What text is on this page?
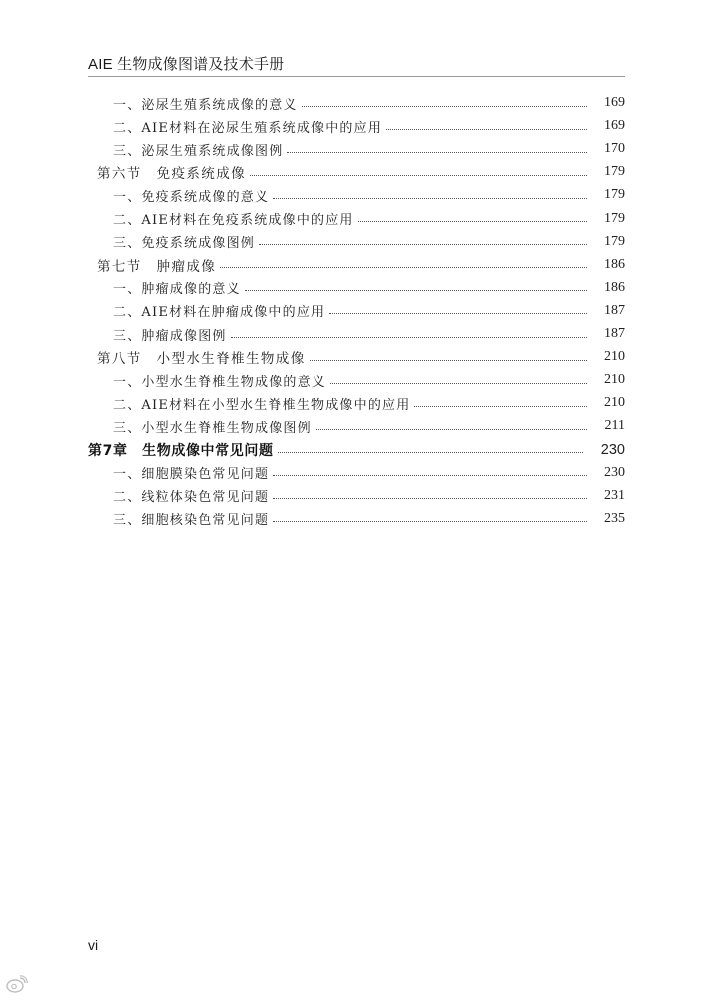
AIE 生物成像图谱及技术手册
一、泌尿生殖系统成像的意义	169
二、AIE材料在泌尿生殖系统成像中的应用	169
三、泌尿生殖系统成像图例	170
第六节　免疫系统成像	179
一、免疫系统成像的意义	179
二、AIE材料在免疫系统成像中的应用	179
三、免疫系统成像图例	179
第七节　肿瘤成像	186
一、肿瘤成像的意义	186
二、AIE材料在肿瘤成像中的应用	187
三、肿瘤成像图例	187
第八节　小型水生脊椎生物成像	210
一、小型水生脊椎生物成像的意义	210
二、AIE材料在小型水生脊椎生物成像中的应用	210
三、小型水生脊椎生物成像图例	211
第7章　生物成像中常见问题	230
一、细胞膜染色常见问题	230
二、线粒体染色常见问题	231
三、细胞核染色常见问题	235
vi
